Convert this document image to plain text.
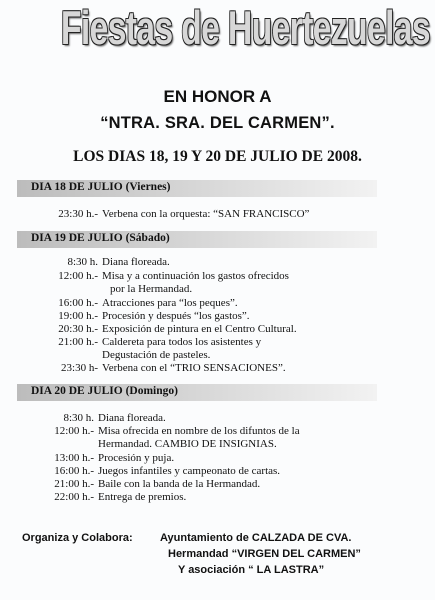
Fiestas de Huertezuelas
EN HONOR A
“NTRA. SRA. DEL CARMEN”.
LOS DIAS 18, 19 Y 20 DE JULIO DE 2008.
DIA 18 DE JULIO (Viernes)
23:30 h.- Verbena con la orquesta: “SAN FRANCISCO”
DIA 19 DE JULIO (Sábado)
8:30 h. Diana floreada.
12:00 h.- Misa y a continuación los gastos ofrecidos
por la Hermandad.
16:00 h.- Atracciones para “los peques”.
19:00 h.- Procesión y después “los gastos”.
20:30 h.- Exposición de pintura en el Centro Cultural.
21:00 h.- Caldereta para todos los asistentes y
Degustación de pasteles.
23:30 h- Verbena con el “TRIO SENSACIONES”.
DIA 20 DE JULIO (Domingo)
8:30 h. Diana floreada.
12:00 h.- Misa ofrecida en nombre de los difuntos de la
Hermandad. CAMBIO DE INSIGNIAS.
13:00 h.- Procesión y puja.
16:00 h.- Juegos infantiles y campeonato de cartas.
21:00 h.- Baile con la banda de la Hermandad.
22:00 h.- Entrega de premios.
Organiza y Colabora: Ayuntamiento de CALZADA DE CVA.
Hermandad “VIRGEN DEL CARMEN”
Y asociación “ LA LASTRA”
